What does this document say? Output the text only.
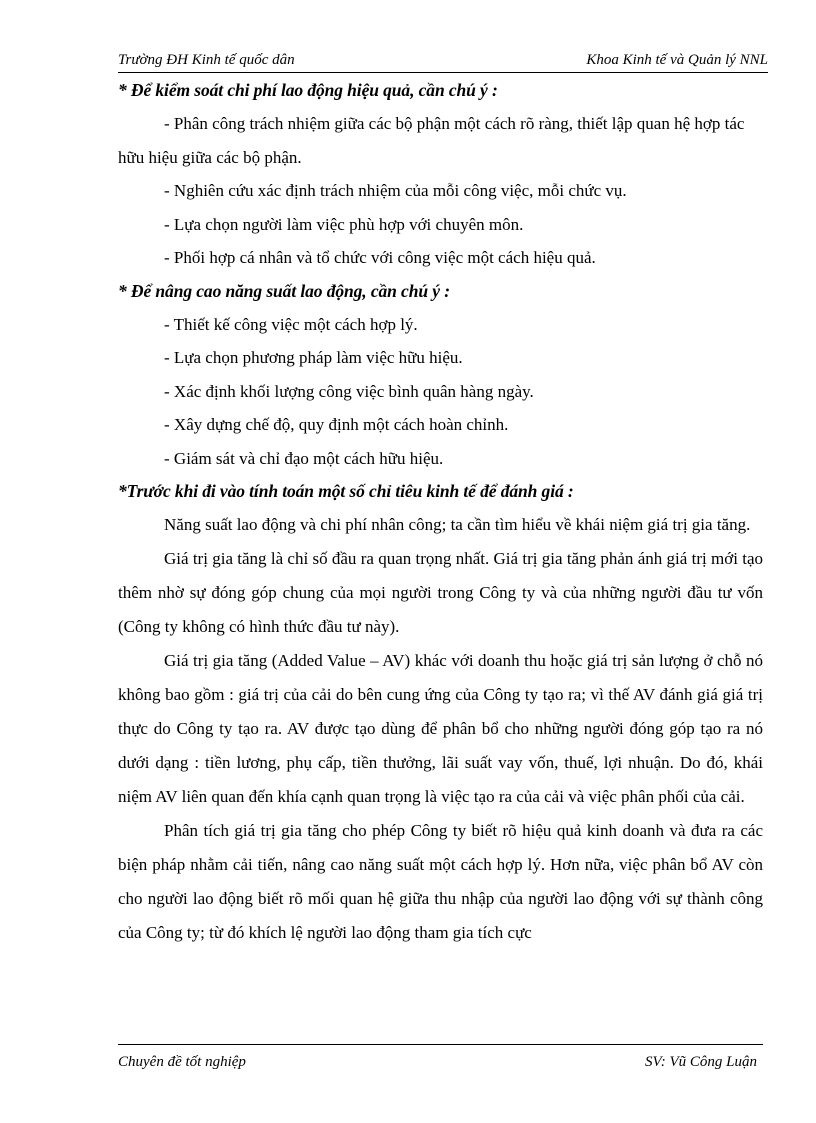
Trường ĐH Kinh tế quốc dân	Khoa Kinh tế và Quản lý NNL

* Để kiểm soát chi phí lao động hiệu quả, cần chú ý :

- Phân công trách nhiệm giữa các bộ phận một cách rõ ràng, thiết lập quan hệ hợp tác hữu hiệu giữa các bộ phận.

- Nghiên cứu xác định trách nhiệm của mỗi công việc, mỗi chức vụ.

- Lựa chọn người làm việc phù hợp với chuyên môn.

- Phối hợp cá nhân và tổ chức với công việc một cách hiệu quả.

* Để nâng cao năng suất lao động, cần chú ý :

- Thiết kế công việc một cách hợp lý.

- Lựa chọn phương pháp làm việc hữu hiệu.

- Xác định khối lượng công việc bình quân hàng ngày.

- Xây dựng chế độ, quy định một cách hoàn chỉnh.

- Giám sát và chỉ đạo một cách hữu hiệu.

*Trước khi đi vào tính toán một số chỉ tiêu kinh tế để đánh giá :

Năng suất lao động và chi phí nhân công; ta cần tìm hiểu về khái niệm giá trị gia tăng.

Giá trị gia tăng là chỉ số đầu ra quan trọng nhất. Giá trị gia tăng phản ánh giá trị mới tạo thêm nhờ sự đóng góp chung của mọi người trong Công ty và của những người đầu tư vốn (Công ty không có hình thức đầu tư này).

Giá trị gia tăng (Added Value – AV) khác với doanh thu hoặc giá trị sản lượng ở chỗ nó không bao gồm : giá trị của cải do bên cung ứng của Công ty tạo ra; vì thế AV đánh giá giá trị thực do Công ty tạo ra. AV được tạo dùng để phân bổ cho những người đóng góp tạo ra nó dưới dạng : tiền lương, phụ cấp, tiền thưởng, lãi suất vay vốn, thuế, lợi nhuận. Do đó, khái niệm AV liên quan đến khía cạnh quan trọng là việc tạo ra của cải và việc phân phối của cải.

Phân tích giá trị gia tăng cho phép Công ty biết rõ hiệu quả kinh doanh và đưa ra các biện pháp nhằm cải tiến, nâng cao năng suất một cách hợp lý. Hơn nữa, việc phân bổ AV còn cho người lao động biết rõ mối quan hệ giữa thu nhập của người lao động với sự thành công của Công ty; từ đó khích lệ người lao động tham gia tích cực

Chuyên đề tốt nghiệp	SV: Vũ Công Luận
